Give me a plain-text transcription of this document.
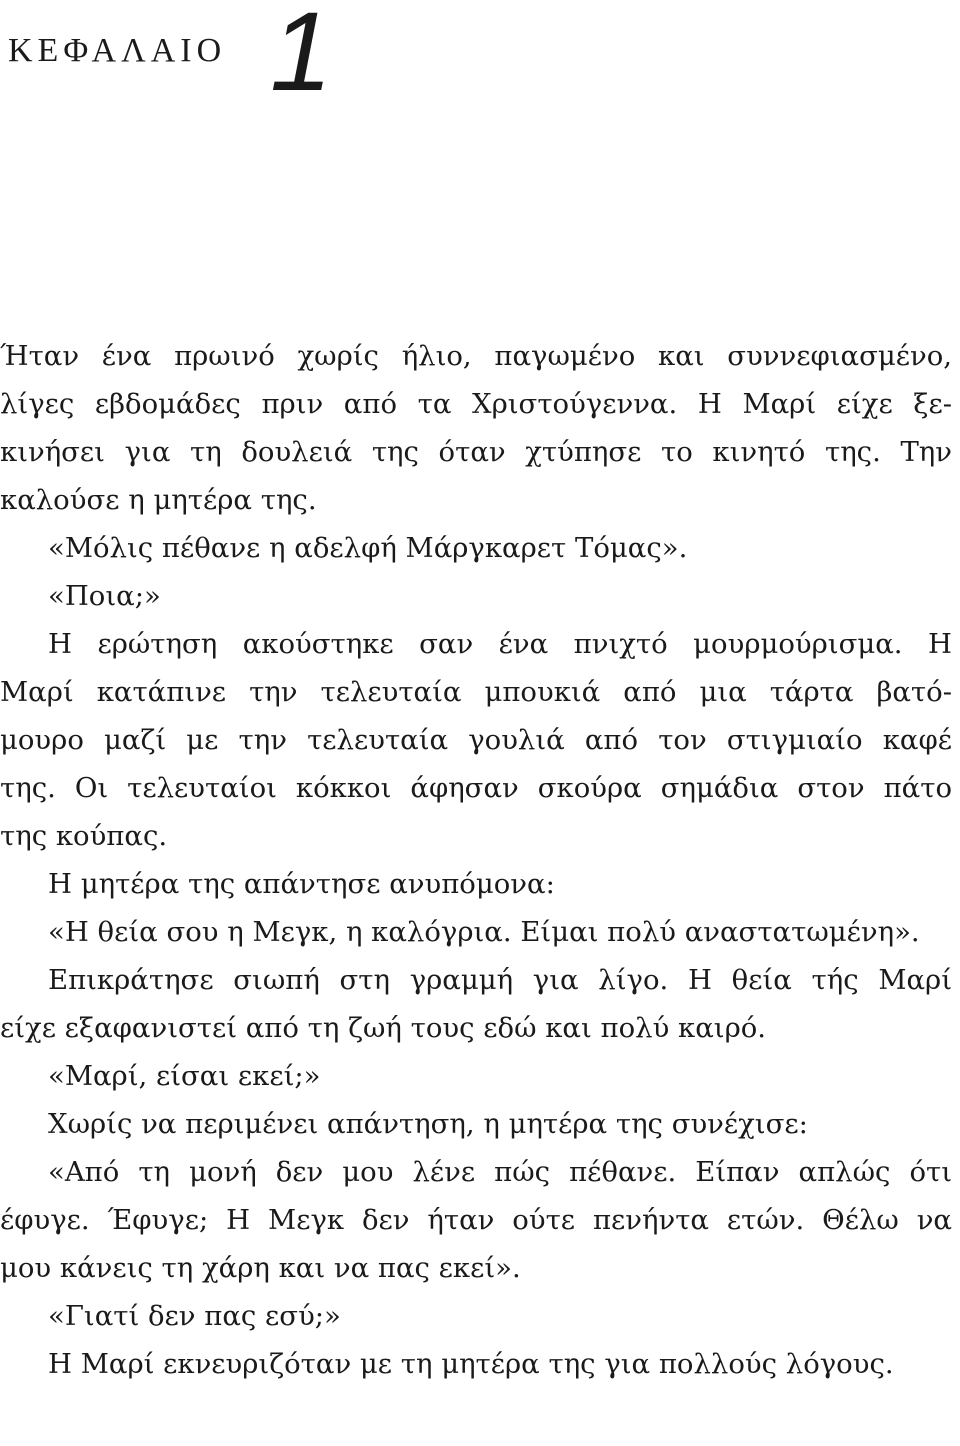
ΚΕΦΑΛΑΙΟ 1
Ήταν ένα πρωινό χωρίς ήλιο, παγωμένο και συννεφιασμένο,
λίγες εβδομάδες πριν από τα Χριστούγεννα. Η Μαρί είχε ξε-
κινήσει για τη δουλειά της όταν χτύπησε το κινητό της. Την
καλούσε η μητέρα της.
«Μόλις πέθανε η αδελφή Μάργκαρετ Τόμας».
«Ποια;»
Η ερώτηση ακούστηκε σαν ένα πνιχτό μουρμούρισμα. Η
Μαρί κατάπινε την τελευταία μπουκιά από μια τάρτα βατό-
μουρο μαζί με την τελευταία γουλιά από τον στιγμιαίο καφέ
της. Οι τελευταίοι κόκκοι άφησαν σκούρα σημάδια στον πάτο
της κούπας.
Η μητέρα της απάντησε ανυπόμονα:
«Η θεία σου η Μεγκ, η καλόγρια. Είμαι πολύ αναστατωμένη».
Επικράτησε σιωπή στη γραμμή για λίγο. Η θεία τής Μαρί
είχε εξαφανιστεί από τη ζωή τους εδώ και πολύ καιρό.
«Μαρί, είσαι εκεί;»
Χωρίς να περιμένει απάντηση, η μητέρα της συνέχισε:
«Από τη μονή δεν μου λένε πώς πέθανε. Είπαν απλώς ότι
έφυγε. Έφυγε; Η Μεγκ δεν ήταν ούτε πενήντα ετών. Θέλω να
μου κάνεις τη χάρη και να πας εκεί».
«Γιατί δεν πας εσύ;»
Η Μαρί εκνευριζόταν με τη μητέρα της για πολλούς λόγους.
